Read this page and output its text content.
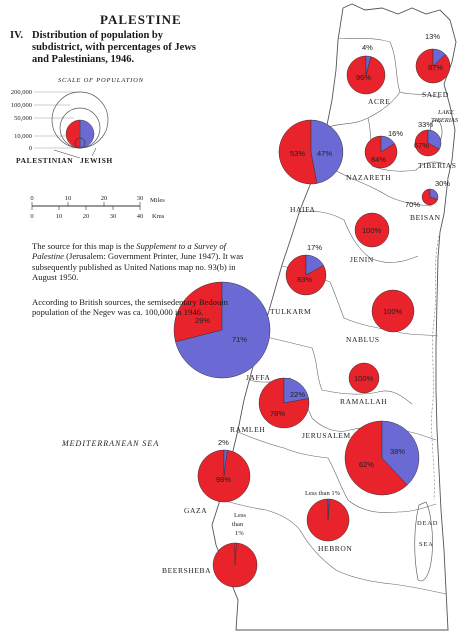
SCALE OF POPULATION
200,000
100,000
50,000
10,000
0
PALESTINIAN JEWISH
0	10	20	30 Miles
0	10	20	30	40 Kms
MEDITERRANEAN SEA
DEAD
SEA
LAKE
TIBERIAS
87%
13%
96%
4%
67%
33%
84%
16%
53% 47%
70%
30%
100%
83%
17%
100%
29%
71%
100%
78%
22%
62%
38%
98%
2%
Less than 1%
Less
than
1%
SAFED
ACRE
TIBERIAS
NAZARETH
HAIFA
BEISAN
JENIN
TULKARM
NABLUS
JAFFA
RAMALLAH
RAMLEH
JERUSALEM
GAZA
HEBRON
BEERSHEBA
PALESTINE
IV. Distribution of population by subdistrict, with percentages of Jews and Palestinians, 1946.
The source for this map is the Supplement to a Survey of Palestine (Jerusalem: Government Printer, June 1947). It was subsequently published as United Nations map no. 93(b) in August 1950.
According to British sources, the semisedentary Bedouin population of the Negev was ca. 100,000 in 1946.
